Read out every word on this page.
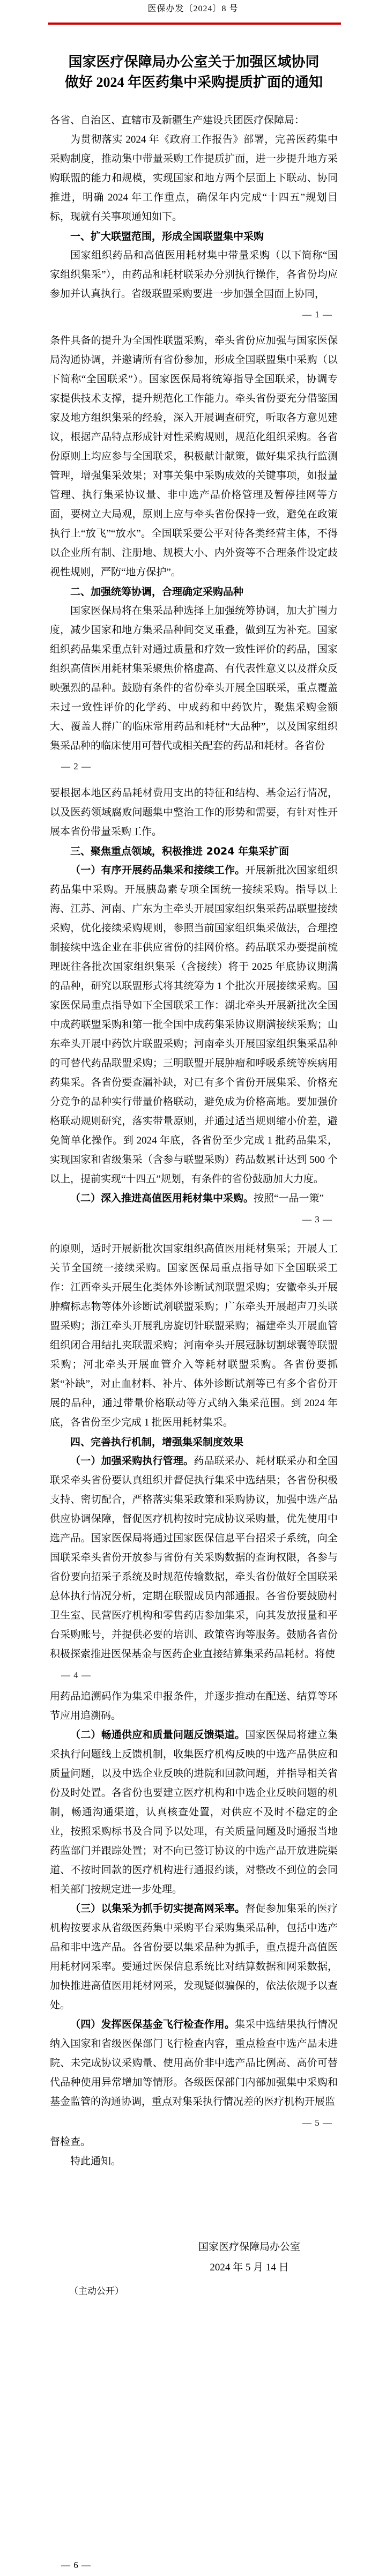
医保办发〔2024〕8 号
国家医疗保障局办公室关于加强区域协同
做好 2024 年医药集中采购提质扩面的通知

各省、自治区、直辖市及新疆生产建设兵团医疗保障局：

为贯彻落实 2024 年《政府工作报告》部署，完善医药集中采购制度，推动集中带量采购工作提质扩面，进一步提升地方采购联盟的能力和规模，实现国家和地方两个层面上下联动、协同推进，明确 2024 年工作重点，确保年内完成“十四五”规划目标，现就有关事项通知如下。

一、扩大联盟范围，形成全国联盟集中采购

国家组织药品和高值医用耗材集中带量采购（以下简称“国家组织集采”），由药品和耗材联采办分别执行操作，各省份均应参加并认真执行。省级联盟采购要进一步加强全国面上协同，

— 1 —

条件具备的提升为全国性联盟采购，牵头省份应加强与国家医保局沟通协调，并邀请所有省份参加，形成全国联盟集中采购（以下简称“全国联采”）。国家医保局将统筹指导全国联采，协调专家提供技术支撑，提升规范化工作能力。牵头省份要充分借鉴国家及地方组织集采的经验，深入开展调查研究，听取各方意见建议，根据产品特点形成针对性采购规则，规范化组织采购。各省份原则上均应参与全国联采，积极献计献策，做好集采执行监测管理，增强集采效果；对事关集中采购成效的关键事项，如报量管理、执行集采协议量、非中选产品价格管理及暂停挂网等方面，要树立大局观，原则上应与牵头省份保持一致，避免在政策执行上“放飞”“放水”。全国联采要公平对待各类经营主体，不得以企业所有制、注册地、规模大小、内外资等不合理条件设定歧视性规则，严防“地方保护”。

二、加强统筹协调，合理确定采购品种

国家医保局将在集采品种选择上加强统筹协调，加大扩围力度，减少国家和地方集采品种间交叉重叠，做到互为补充。国家组织药品集采重点针对通过质量和疗效一致性评价的药品，国家组织高值医用耗材集采聚焦价格虚高、有代表性意义以及群众反映强烈的品种。鼓励有条件的省份牵头开展全国联采，重点覆盖未过一致性评价的化学药、中成药和中药饮片，聚焦采购金额大、覆盖人群广的临床常用药品和耗材“大品种”，以及国家组织集采品种的临床使用可替代或相关配套的药品和耗材。各省份

— 2 —

要根据本地区药品耗材费用支出的特征和结构、基金运行情况，以及医药领域腐败问题集中整治工作的形势和需要，有针对性开展本省份带量采购工作。

三、聚焦重点领域，积极推进 2024 年集采扩面

（一）有序开展药品集采和接续工作。开展新批次国家组织药品集中采购。开展胰岛素专项全国统一接续采购。指导以上海、江苏、河南、广东为主牵头开展国家组织集采药品联盟接续采购，优化接续采购规则，参照当前国家组织集采做法，合理控制接续中选企业在非供应省份的挂网价格。药品联采办要提前梳理既往各批次国家组织集采（含接续）将于 2025 年底协议期满的品种，研究以联盟形式将其统筹为 1 个批次开展接续采购。国家医保局重点指导如下全国联采工作：湖北牵头开展新批次全国中成药联盟采购和第一批全国中成药集采协议期满接续采购；山东牵头开展中药饮片联盟采购；河南牵头开展国家组织集采品种的可替代药品联盟采购；三明联盟开展肿瘤和呼吸系统等疾病用药集采。各省份要查漏补缺，对已有多个省份开展集采、价格充分竞争的品种实行带量价格联动，避免成为价格高地。要加强价格联动规则研究，落实带量原则，并通过适当规则缩小价差，避免简单化操作。到 2024 年底，各省份至少完成 1 批药品集采，实现国家和省级集采（含参与联盟采购）药品数累计达到 500 个以上，提前实现“十四五”规划，有条件的省份鼓励加大力度。

（二）深入推进高值医用耗材集中采购。按照“一品一策”

— 3 —

的原则，适时开展新批次国家组织高值医用耗材集采；开展人工关节全国统一接续采购。国家医保局重点指导如下全国联采工作：江西牵头开展生化类体外诊断试剂联盟采购；安徽牵头开展肿瘤标志物等体外诊断试剂联盟采购；广东牵头开展超声刀头联盟采购；浙江牵头开展乳房旋切针联盟采购；福建牵头开展血管组织闭合用结扎夹联盟采购；河南牵头开展冠脉切割球囊等联盟采购；河北牵头开展血管介入等耗材联盟采购。各省份要抓紧“补缺”，对止血材料、补片、体外诊断试剂等已有多个省份开展的品种，通过带量价格联动等方式纳入集采范围。到 2024 年底，各省份至少完成 1 批医用耗材集采。

四、完善执行机制，增强集采制度效果

（一）加强采购执行管理。药品联采办、耗材联采办和全国联采牵头省份要认真组织并督促执行集采中选结果；各省份积极支持、密切配合，严格落实集采政策和采购协议，加强中选产品供应协调保障，督促医疗机构按时完成协议采购量，优先使用中选产品。国家医保局将通过国家医保信息平台招采子系统，向全国联采牵头省份开放参与省份有关采购数据的查询权限，各参与省份要向招采子系统及时规范传输数据，牵头省份做好全国联采总体执行情况分析，定期在联盟成员内部通报。各省份要鼓励村卫生室、民营医疗机构和零售药店参加集采，向其发放报量和平台采购账号，并提供必要的培训、政策咨询等服务。鼓励各省份积极探索推进医保基金与医药企业直接结算集采药品耗材。将使

— 4 —

用药品追溯码作为集采申报条件，并逐步推动在配送、结算等环节应用追溯码。

（二）畅通供应和质量问题反馈渠道。国家医保局将建立集采执行问题线上反馈机制，收集医疗机构反映的中选产品供应和质量问题，以及中选企业反映的进院和回款问题，并指导相关省份及时处置。各省份也要建立医疗机构和中选企业反映问题的机制，畅通沟通渠道，认真核查处置，对供应不及时不稳定的企业，按照采购标书及合同予以处理，有关质量问题及时通报当地药监部门并跟踪处置；对不向已签订协议的中选产品开放进院渠道、不按时回款的医疗机构进行通报约谈，对整改不到位的会同相关部门按规定进一步处理。

（三）以集采为抓手切实提高网采率。督促参加集采的医疗机构按要求从省级医药集中采购平台采购集采品种，包括中选产品和非中选产品。各省份要以集采品种为抓手，重点提升高值医用耗材网采率。要通过医保信息系统比对结算数据和网采数据，加快推进高值医用耗材网采，发现疑似骗保的，依法依规予以查处。

（四）发挥医保基金飞行检查作用。集采中选结果执行情况纳入国家和省级医保部门飞行检查内容，重点检查中选产品未进院、未完成协议采购量、使用高价非中选产品比例高、高价可替代品种使用异常增加等情形。各级医保部门内部加强集中采购和基金监管的沟通协调，重点对集采执行情况差的医疗机构开展监

— 5 —

督检查。

特此通知。

国家医疗保障局办公室
2024 年 5 月 14 日

（主动公开）

— 6 —
